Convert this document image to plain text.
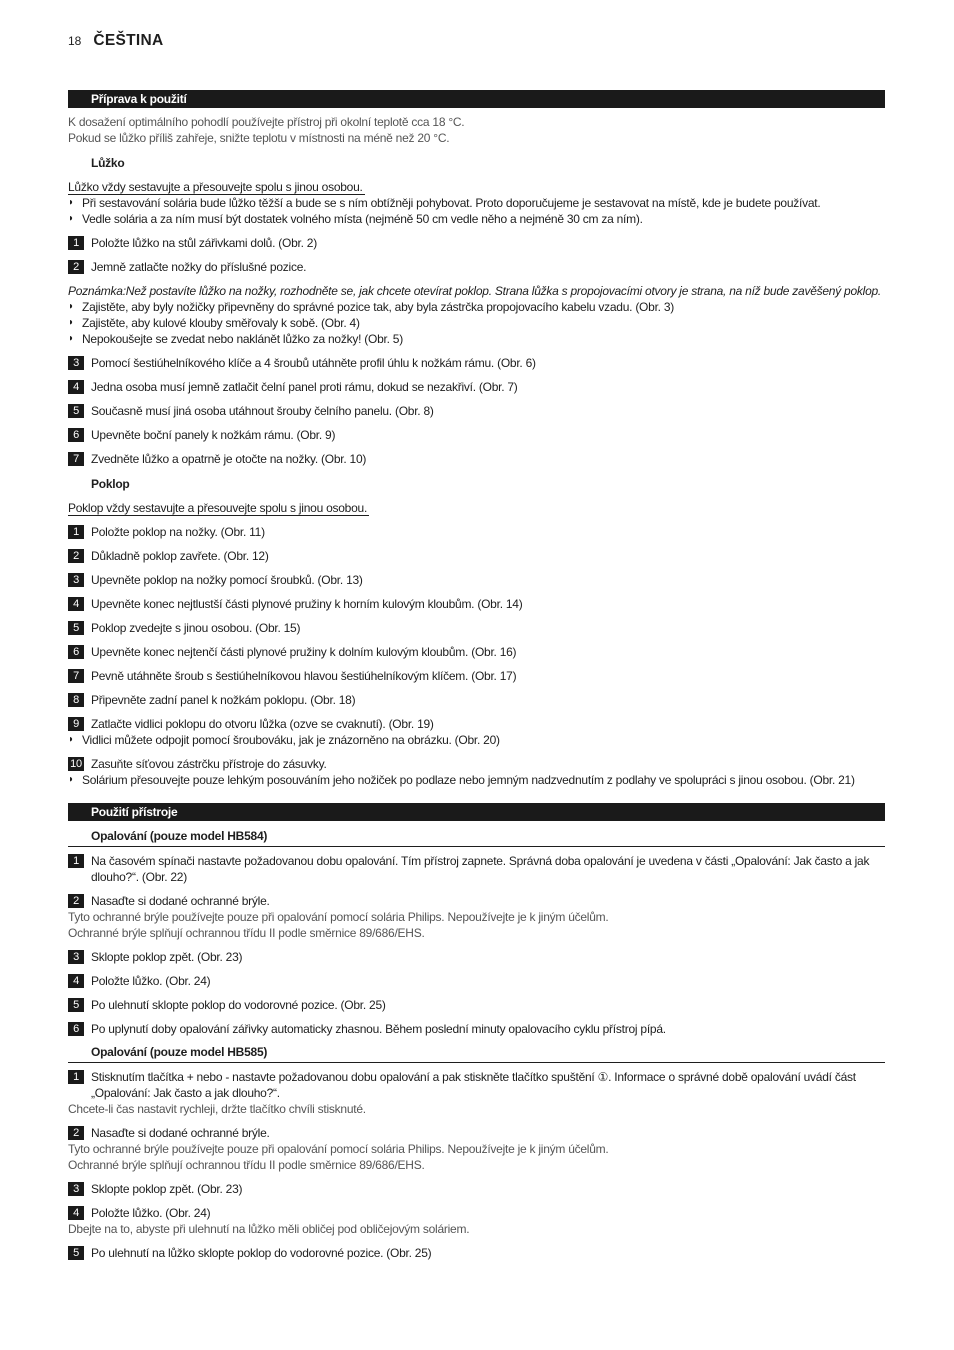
18 ČEŠTINA
Příprava k použití
K dosažení optimálního pohodlí používejte přístroj při okolní teplotě cca 18 °C.
Pokud se lůžko příliš zahřeje, snižte teplotu v místnosti na méně než 20 °C.
Lůžko
Lůžko vždy sestavujte a přesouvejte spolu s jinou osobou.
◗ Při sestavování solária bude lůžko těžší a bude se s ním obtížněji pohybovat. Proto doporučujeme je sestavovat na místě, kde je budete používat.
◗ Vedle solária a za ním musí být dostatek volného místa (nejméně 50 cm vedle něho a nejméně 30 cm za ním).
1	Položte lůžko na stůl zářivkami dolů. (Obr. 2)
2	Jemně zatlačte nožky do příslušné pozice.
Poznámka:Než postavíte lůžko na nožky, rozhodněte se, jak chcete otevírat poklop. Strana lůžka s propojovacími otvory je strana, na níž bude zavěšený poklop.
◗ Zajistěte, aby byly nožičky připevněny do správné pozice tak, aby byla zástrčka propojovacího kabelu vzadu. (Obr. 3)
◗ Zajistěte, aby kulové klouby směřovaly k sobě. (Obr. 4)
◗ Nepokoušejte se zvedat nebo naklánět lůžko za nožky! (Obr. 5)
3	Pomocí šestiúhelníkového klíče a 4 šroubů utáhněte profil úhlu k nožkám rámu. (Obr. 6)
4	Jedna osoba musí jemně zatlačit čelní panel proti rámu, dokud se nezakřiví. (Obr. 7)
5	Současně musí jiná osoba utáhnout šrouby čelního panelu. (Obr. 8)
6	Upevněte boční panely k nožkám rámu. (Obr. 9)
7	Zvedněte lůžko a opatrně je otočte na nožky. (Obr. 10)
Poklop
Poklop vždy sestavujte a přesouvejte spolu s jinou osobou.
1	Položte poklop na nožky. (Obr. 11)
2	Důkladně poklop zavřete. (Obr. 12)
3	Upevněte poklop na nožky pomocí šroubků. (Obr. 13)
4	Upevněte konec nejtlustší části plynové pružiny k horním kulovým kloubům. (Obr. 14)
5	Poklop zvedejte s jinou osobou. (Obr. 15)
6	Upevněte konec nejtenčí části plynové pružiny k dolním kulovým kloubům. (Obr. 16)
7	Pevně utáhněte šroub s šestiúhelníkovou hlavou šestiúhelníkovým klíčem. (Obr. 17)
8	Připevněte zadní panel k nožkám poklopu. (Obr. 18)
9	Zatlačte vidlici poklopu do otvoru lůžka (ozve se cvaknutí). (Obr. 19)
◗ Vidlici můžete odpojit pomocí šroubováku, jak je znázorněno na obrázku. (Obr. 20)
10 Zasuňte síťovou zástrčku přístroje do zásuvky.
◗ Solárium přesouvejte pouze lehkým posouváním jeho nožiček po podlaze nebo jemným nadzvednutím z podlahy ve spolupráci s jinou osobou. (Obr. 21)
Použití přístroje
Opalování (pouze model HB584)
1	Na časovém spínači nastavte požadovanou dobu opalování. Tím přístroj zapnete. Správná doba opalování je uvedena v části „Opalování: Jak často a jak dlouho?“. (Obr. 22)
2	Nasaďte si dodané ochranné brýle.
Tyto ochranné brýle používejte pouze při opalování pomocí solária Philips. Nepoužívejte je k jiným účelům.
Ochranné brýle splňují ochrannou třídu II podle směrnice 89/686/EHS.
3	Sklopte poklop zpět. (Obr. 23)
4	Položte lůžko. (Obr. 24)
5	Po ulehnutí sklopte poklop do vodorovné pozice. (Obr. 25)
6	Po uplynutí doby opalování zářivky automaticky zhasnou. Během poslední minuty opalovacího cyklu přístroj pípá.
Opalování (pouze model HB585)
1	Stisknutím tlačítka + nebo - nastavte požadovanou dobu opalování a pak stiskněte tlačítko spuštění ①. Informace o správné době opalování uvádí část „Opalování: Jak často a jak dlouho?“.
Chcete-li čas nastavit rychleji, držte tlačítko chvíli stisknuté.
2	Nasaďte si dodané ochranné brýle.
Tyto ochranné brýle používejte pouze při opalování pomocí solária Philips. Nepoužívejte je k jiným účelům.
Ochranné brýle splňují ochrannou třídu II podle směrnice 89/686/EHS.
3	Sklopte poklop zpět. (Obr. 23)
4	Položte lůžko. (Obr. 24)
Dbejte na to, abyste při ulehnutí na lůžko měli obličej pod obličejovým soláriem.
5	Po ulehnutí na lůžko sklopte poklop do vodorovné pozice. (Obr. 25)
